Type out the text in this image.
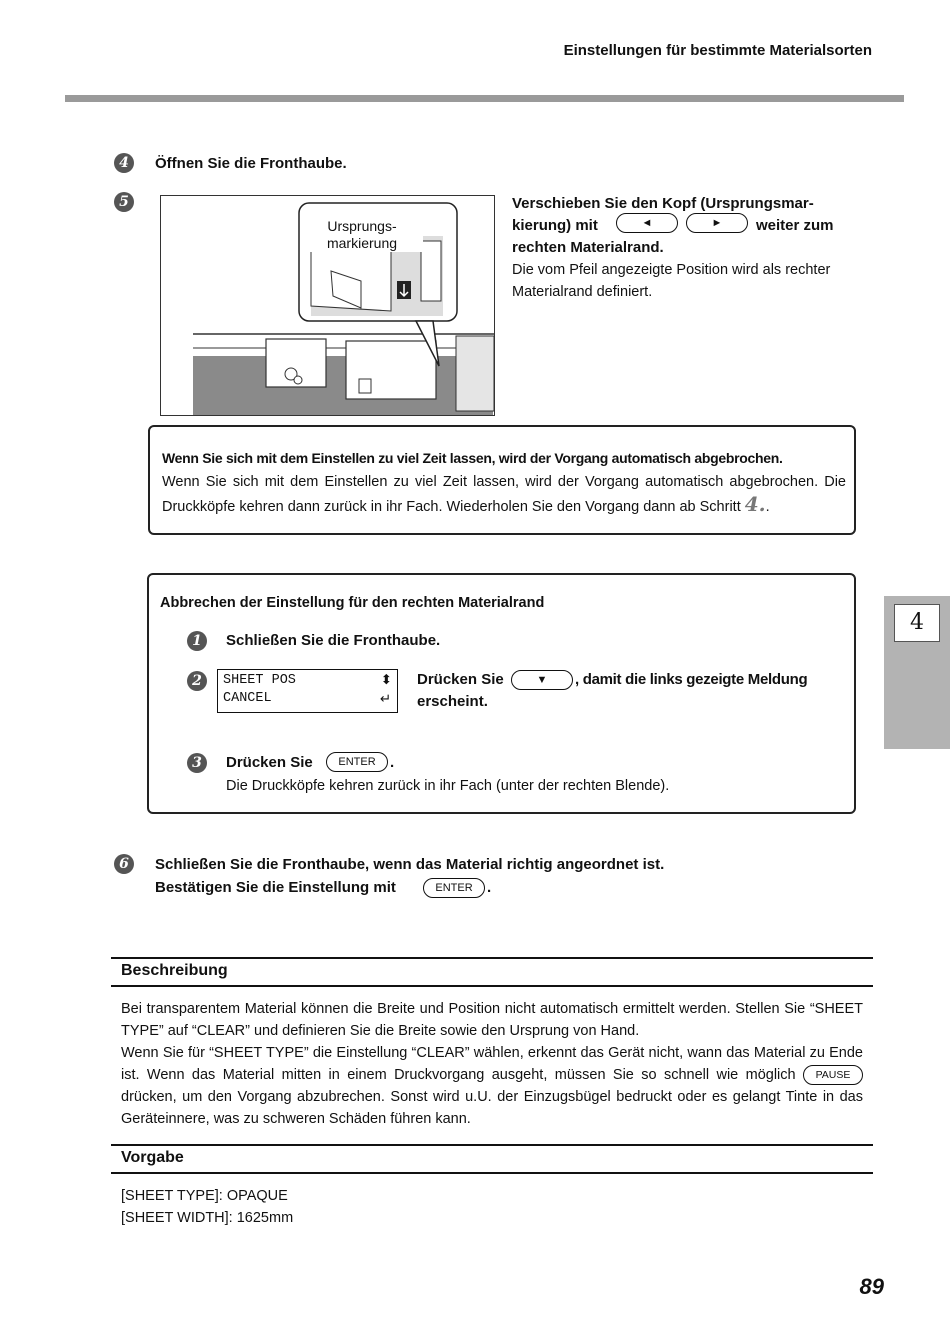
Einstellungen für bestimmte Materialsorten
4	Öffnen Sie die Fronthaube.
5
Ursprungs-
markierung
Verschieben Sie den Kopf (Ursprungsmar-
kierung) mit	◄	►	weiter zum
rechten Materialrand.
Die vom Pfeil angezeigte Position wird als rechter Materialrand definiert.
Wenn Sie sich mit dem Einstellen zu viel Zeit lassen, wird der Vorgang automatisch abgebrochen.
Wenn Sie sich mit dem Einstellen zu viel Zeit lassen, wird der Vorgang automatisch abgebrochen. Die Druckköpfe kehren dann zurück in ihr Fach. Wiederholen Sie den Vorgang dann ab Schritt 4..
Abbrechen der Einstellung für den rechten Materialrand
1	Schließen Sie die Fronthaube.
2	SHEET POS
CANCEL
⬍
↵
Drücken Sie	▼	, damit die links gezeigte Meldung
erscheint.
3	Drücken Sie	ENTER .
Die Druckköpfe kehren zurück in ihr Fach (unter der rechten Blende).
4
6	Schließen Sie die Fronthaube, wenn das Material richtig angeordnet ist.
Bestätigen Sie die Einstellung mit	ENTER .
Beschreibung
Bei transparentem Material können die Breite und Position nicht automatisch ermittelt werden. Stellen Sie “SHEET TYPE” auf “CLEAR” und definieren Sie die Breite sowie den Ursprung von Hand.
Wenn Sie für “SHEET TYPE” die Einstellung “CLEAR” wählen, erkennt das Gerät nicht, wann das Material zu Ende ist. Wenn das Material mitten in einem Druckvorgang ausgeht, müssen Sie so schnell wie möglich PAUSE drücken, um den Vorgang abzubrechen. Sonst wird u.U. der Einzugsbügel bedruckt oder es gelangt Tinte in das Geräteinnere, was zu schweren Schäden führen kann.
Vorgabe
[SHEET TYPE]: OPAQUE
[SHEET WIDTH]: 1625mm
89
